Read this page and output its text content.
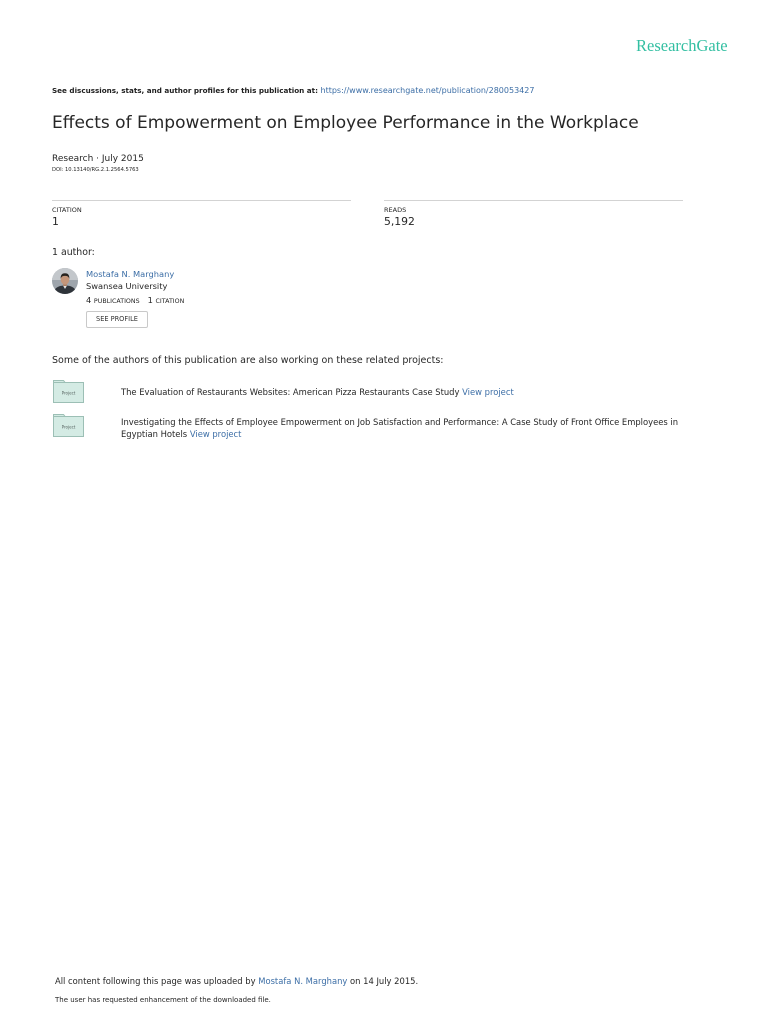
ResearchGate
See discussions, stats, and author profiles for this publication at: https://www.researchgate.net/publication/280053427
Effects of Empowerment on Employee Performance in the Workplace
Research · July 2015
DOI: 10.13140/RG.2.1.2564.5763
CITATION
1
READS
5,192
1 author:
Mostafa N. Marghany
Swansea University
4 PUBLICATIONS 1 CITATION
SEE PROFILE
Some of the authors of this publication are also working on these related projects:
Project	The Evaluation of Restaurants Websites: American Pizza Restaurants Case Study View project
Project	Investigating the Effects of Employee Empowerment on Job Satisfaction and Performance: A Case Study of Front Office Employees in Egyptian Hotels View project
All content following this page was uploaded by Mostafa N. Marghany on 14 July 2015.
The user has requested enhancement of the downloaded file.
